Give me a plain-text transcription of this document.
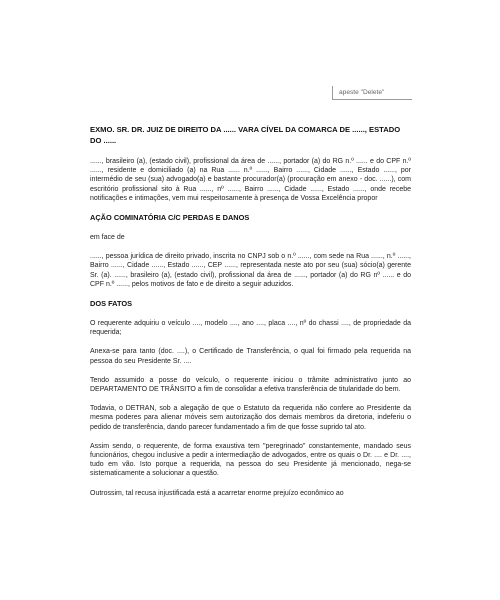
apeste "Delete"
EXMO. SR. DR. JUIZ DE DIREITO DA ...... VARA CÍVEL DA COMARCA DE ......, ESTADO DO ......

......, brasileiro (a), (estado civil), profissional da área de ......, portador (a) do RG n.º ...... e do CPF n.º ......, residente e domiciliado (a) na Rua ...... n.º ......, Bairro ......, Cidade ......, Estado ......, por intermédio de seu (sua) advogado(a) e bastante procurador(a) (procuração em anexo - doc. ......), com escritório profissional sito à Rua ......, nº ......, Bairro ......, Cidade ......, Estado ......, onde recebe notificações e intimações, vem mui respeitosamente à presença de Vossa Excelência propor

AÇÃO COMINATÓRIA C/C PERDAS E DANOS

em face de

......, pessoa jurídica de direito privado, inscrita no CNPJ sob o n.º ......, com sede na Rua ......, n.º ......, Bairro ......, Cidade ......, Estado ......, CEP ......, representada neste ato por seu (sua) sócio(a) gerente Sr. (a). ......, brasileiro (a), (estado civil), profissional da área de ......, portador (a) do RG nº ...... e do CPF n.º ......, pelos motivos de fato e de direito a seguir aduzidos.

DOS FATOS

O requerente adquiriu o veículo ...., modelo ...., ano ...., placa ...., nº do chassi ...., de propriedade da requerida;

Anexa-se para tanto (doc. ....), o Certificado de Transferência, o qual foi firmado pela requerida na pessoa do seu Presidente Sr. ....

Tendo assumido a posse do veículo, o requerente iniciou o trâmite administrativo junto ao DEPARTAMENTO DE TRÂNSITO a fim de consolidar a efetiva transferência de titularidade do bem.

Todavia, o DETRAN, sob a alegação de que o Estatuto da requerida não confere ao Presidente da mesma poderes para alienar móveis sem autorização dos demais membros da diretoria, indeferiu o pedido de transferência, dando parecer fundamentado a fim de que fosse suprido tal ato.

Assim sendo, o requerente, de forma exaustiva tem "peregrinado" constantemente, mandado seus funcionários, chegou inclusive a pedir a intermediação de advogados, entre os quais o Dr. .... e Dr. ...., tudo em vão. Isto porque a requerida, na pessoa do seu Presidente já mencionado, nega-se sistematicamente a solucionar a questão.

Outrossim, tal recusa injustificada está a acarretar enorme prejuízo econômico ao
